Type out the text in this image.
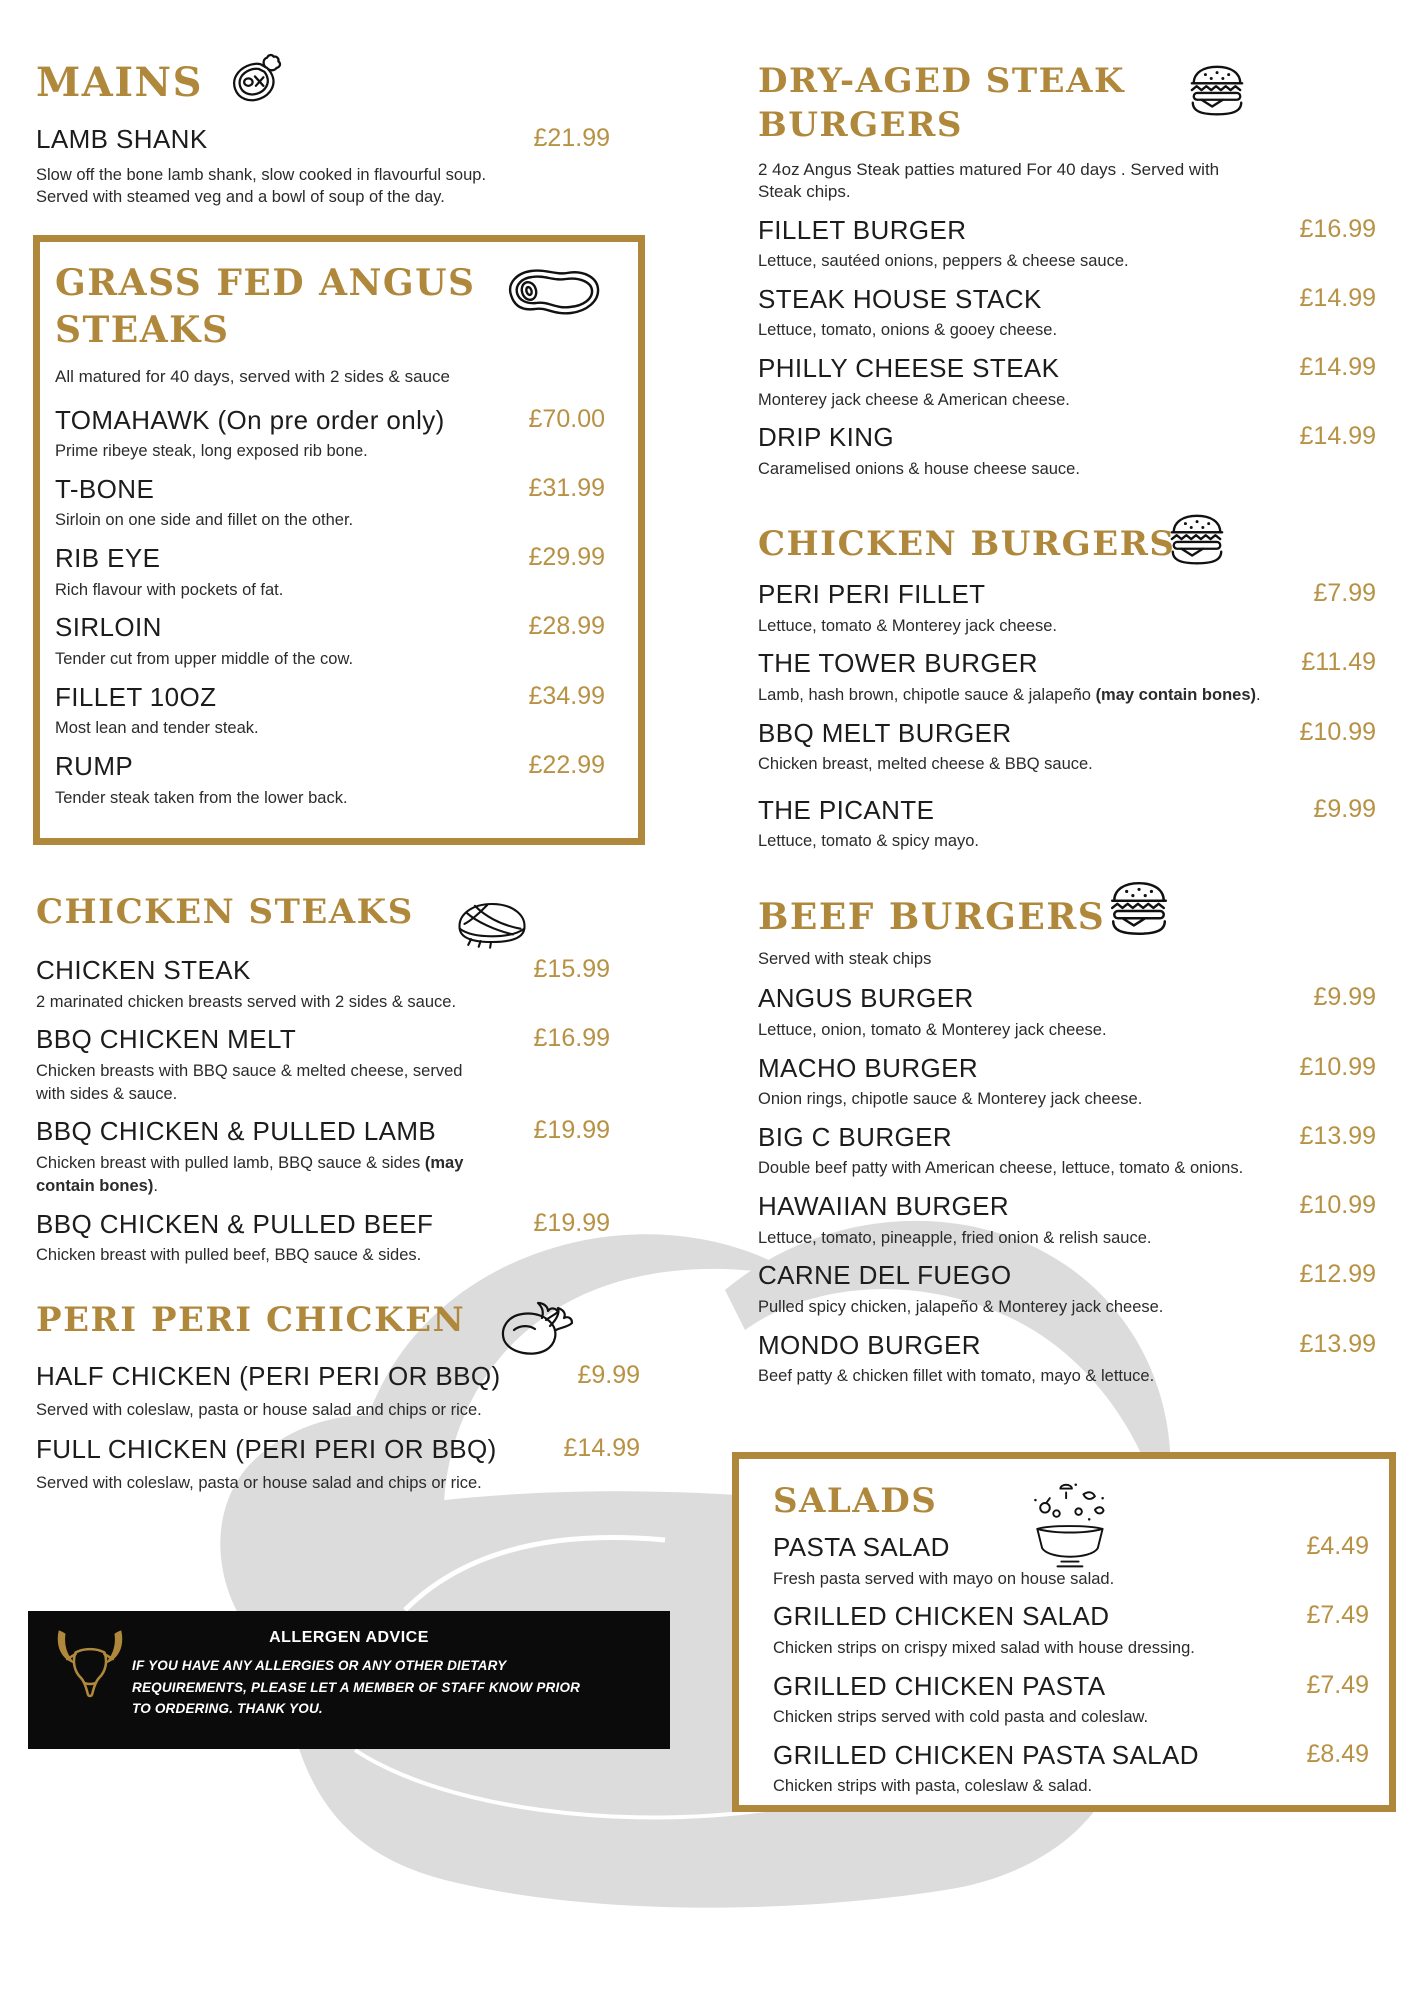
MAINS
LAMB SHANK	£21.99
Slow off the bone lamb shank, slow cooked in flavourful soup. Served with steamed veg and a bowl of soup of the day.
GRASS FED ANGUS STEAKS
All matured for 40 days, served with 2 sides & sauce
TOMAHAWK (On pre order only)	£70.00
Prime ribeye steak, long exposed rib bone.
T-BONE	£31.99
Sirloin on one side and fillet on the other.
RIB EYE	£29.99
Rich flavour with pockets of fat.
SIRLOIN	£28.99
Tender cut from upper middle of the cow.
FILLET 10OZ	£34.99
Most lean and tender steak.
RUMP	£22.99
Tender steak taken from the lower back.
CHICKEN STEAKS
CHICKEN STEAK	£15.99
2 marinated chicken breasts served with 2 sides & sauce.
BBQ CHICKEN MELT	£16.99
Chicken breasts with BBQ sauce & melted cheese, served with sides & sauce.
BBQ CHICKEN & PULLED LAMB	£19.99
Chicken breast with pulled lamb, BBQ sauce & sides (may contain bones).
BBQ CHICKEN & PULLED BEEF	£19.99
Chicken breast with pulled beef, BBQ sauce & sides.
PERI PERI CHICKEN
HALF CHICKEN (PERI PERI OR BBQ)	£9.99
Served with coleslaw, pasta or house salad and chips or rice.
FULL CHICKEN (PERI PERI OR BBQ)	£14.99
Served with coleslaw, pasta or house salad and chips or rice.
ALLERGEN ADVICE
IF YOU HAVE ANY ALLERGIES OR ANY OTHER DIETARY REQUIREMENTS, PLEASE LET A MEMBER OF STAFF KNOW PRIOR TO ORDERING. THANK YOU.
DRY-AGED STEAK BURGERS
2 4oz Angus Steak patties matured For 40 days . Served with Steak chips.
FILLET BURGER	£16.99
Lettuce, sautéed onions, peppers & cheese sauce.
STEAK HOUSE STACK	£14.99
Lettuce, tomato, onions & gooey cheese.
PHILLY CHEESE STEAK	£14.99
Monterey jack cheese & American cheese.
DRIP KING	£14.99
Caramelised onions & house cheese sauce.
CHICKEN BURGERS
PERI PERI FILLET	£7.99
Lettuce, tomato & Monterey jack cheese.
THE TOWER BURGER	£11.49
Lamb, hash brown, chipotle sauce & jalapeño (may contain bones).
BBQ MELT BURGER	£10.99
Chicken breast, melted cheese & BBQ sauce.
THE PICANTE	£9.99
Lettuce, tomato & spicy mayo.
BEEF BURGERS
Served with steak chips
ANGUS BURGER	£9.99
Lettuce, onion, tomato & Monterey jack cheese.
MACHO BURGER	£10.99
Onion rings, chipotle sauce & Monterey jack cheese.
BIG C BURGER	£13.99
Double beef patty with American cheese, lettuce, tomato & onions.
HAWAIIAN BURGER	£10.99
Lettuce, tomato, pineapple, fried onion & relish sauce.
CARNE DEL FUEGO	£12.99
Pulled spicy chicken, jalapeño & Monterey jack cheese.
MONDO BURGER	£13.99
Beef patty & chicken fillet with tomato, mayo & lettuce.
SALADS
PASTA SALAD	£4.49
Fresh pasta served with mayo on house salad.
GRILLED CHICKEN SALAD	£7.49
Chicken strips on crispy mixed salad with house dressing.
GRILLED CHICKEN PASTA	£7.49
Chicken strips served with cold pasta and coleslaw.
GRILLED CHICKEN PASTA SALAD	£8.49
Chicken strips with pasta, coleslaw & salad.
